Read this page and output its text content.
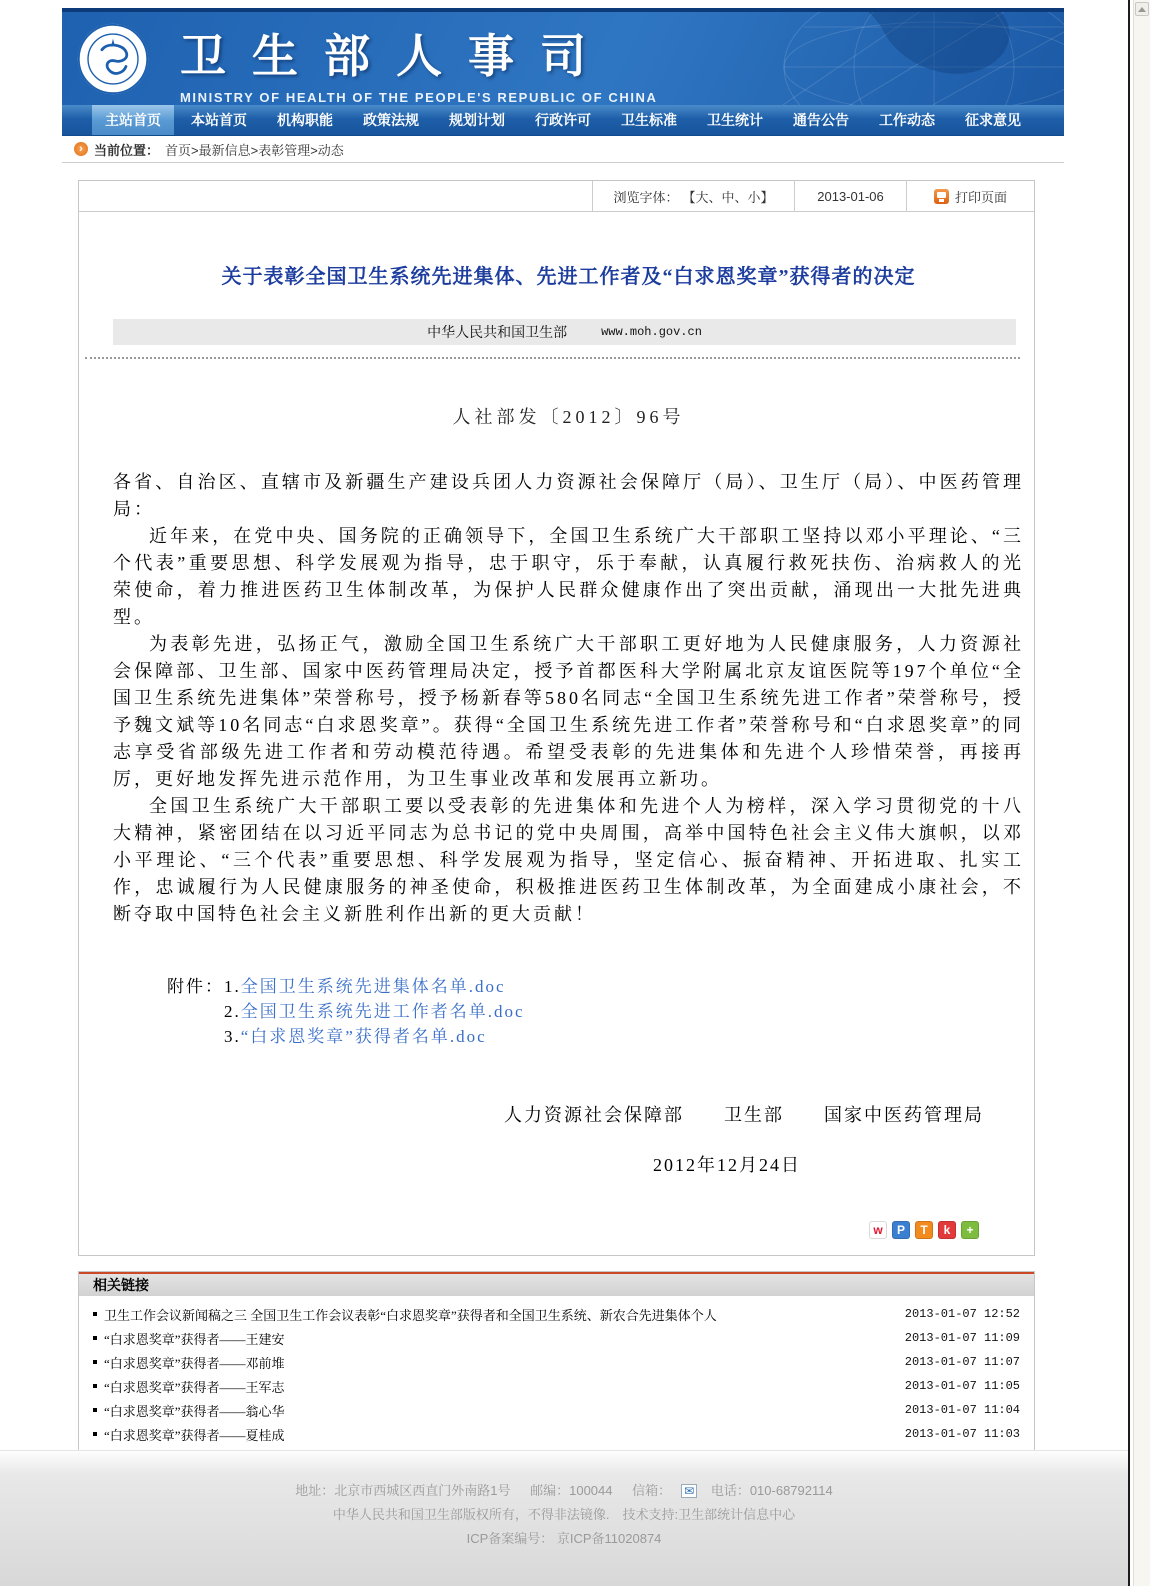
卫生部人事司
MINISTRY OF HEALTH OF THE PEOPLE'S REPUBLIC OF CHINA
主站首页	本站首页	机构职能	政策法规	规划计划	行政许可	卫生标准	卫生统计	通告公告	工作动态	征求意见
› 当前位置： 首页>最新信息>表彰管理>动态
浏览字体： 【大、中、小】	2013-01-06	打印页面
关于表彰全国卫生系统先进集体、先进工作者及“白求恩奖章”获得者的决定
中华人民共和国卫生部	www.moh.gov.cn
人社部发〔2012〕96号

各省、自治区、直辖市及新疆生产建设兵团人力资源社会保障厅（局）、卫生厅（局）、中医药管理局：

近年来，在党中央、国务院的正确领导下，全国卫生系统广大干部职工坚持以邓小平理论、“三个代表”重要思想、科学发展观为指导，忠于职守，乐于奉献，认真履行救死扶伤、治病救人的光荣使命，着力推进医药卫生体制改革，为保护人民群众健康作出了突出贡献，涌现出一大批先进典型。

为表彰先进，弘扬正气，激励全国卫生系统广大干部职工更好地为人民健康服务，人力资源社会保障部、卫生部、国家中医药管理局决定，授予首都医科大学附属北京友谊医院等197个单位“全国卫生系统先进集体”荣誉称号，授予杨新春等580名同志“全国卫生系统先进工作者”荣誉称号，授予魏文斌等10名同志“白求恩奖章”。获得“全国卫生系统先进工作者”荣誉称号和“白求恩奖章”的同志享受省部级先进工作者和劳动模范待遇。希望受表彰的先进集体和先进个人珍惜荣誉，再接再厉，更好地发挥先进示范作用，为卫生事业改革和发展再立新功。

全国卫生系统广大干部职工要以受表彰的先进集体和先进个人为榜样，深入学习贯彻党的十八大精神，紧密团结在以习近平同志为总书记的党中央周围，高举中国特色社会主义伟大旗帜，以邓小平理论、“三个代表”重要思想、科学发展观为指导，坚定信心、振奋精神、开拓进取、扎实工作，忠诚履行为人民健康服务的神圣使命，积极推进医药卫生体制改革，为全面建成小康社会，不断夺取中国特色社会主义新胜利作出新的更大贡献！

附件： 1.全国卫生系统先进集体名单.doc
2.全国卫生系统先进工作者名单.doc
3.“白求恩奖章”获得者名单.doc
人力资源社会保障部　　卫生部　　国家中医药管理局
2012年12月24日
w	P	T	k	+
相关链接
卫生工作会议新闻稿之三 全国卫生工作会议表彰“白求恩奖章”获得者和全国卫生系统、新农合先进集体个人	2013-01-07 12:52
“白求恩奖章”获得者——王建安	2013-01-07 11:09
“白求恩奖章”获得者——邓前堆	2013-01-07 11:07
“白求恩奖章”获得者——王军志	2013-01-07 11:05
“白求恩奖章”获得者——翁心华	2013-01-07 11:04
“白求恩奖章”获得者——夏桂成	2013-01-07 11:03
地址：北京市西城区西直门外南路1号 邮编：100044 信箱： ✉ 电话：010-68792114
中华人民共和国卫生部版权所有，不得非法镜像.　技术支持:卫生部统计信息中心
ICP备案编号： 京ICP备11020874
